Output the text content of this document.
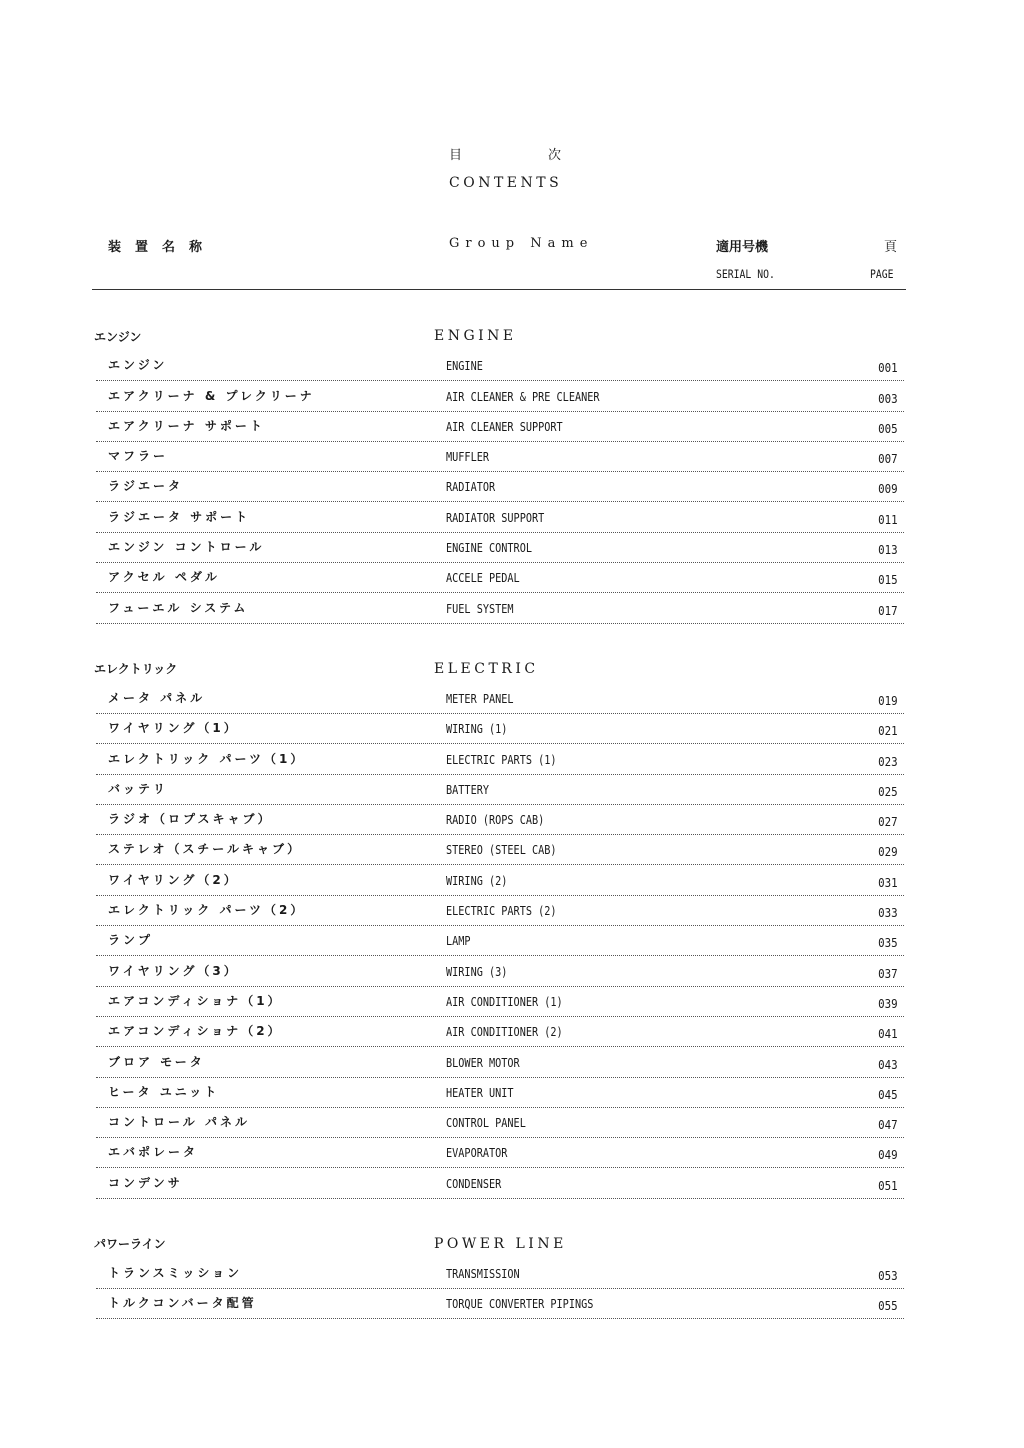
目	次
CONTENTS
装置名称	Group Name	適用号機	頁
SERIAL NO.	PAGE
エンジン	ENGINE
エンジン	ENGINE	001
エアクリーナ & プレクリーナ	AIR CLEANER & PRE CLEANER	003
エアクリーナ サポート	AIR CLEANER SUPPORT	005
マフラー	MUFFLER	007
ラジエータ	RADIATOR	009
ラジエータ サポート	RADIATOR SUPPORT	011
エンジン コントロール	ENGINE CONTROL	013
アクセル ペダル	ACCELE PEDAL	015
フューエル システム	FUEL SYSTEM	017
エレクトリック	ELECTRIC
メータ パネル	METER PANEL	019
ワイヤリング（1）	WIRING (1)	021
エレクトリック パーツ（1）	ELECTRIC PARTS (1)	023
バッテリ	BATTERY	025
ラジオ（ロプスキャブ）	RADIO (ROPS CAB)	027
ステレオ（スチールキャブ）	STEREO (STEEL CAB)	029
ワイヤリング（2）	WIRING (2)	031
エレクトリック パーツ（2）	ELECTRIC PARTS (2)	033
ランプ	LAMP	035
ワイヤリング（3）	WIRING (3)	037
エアコンディショナ（1）	AIR CONDITIONER (1)	039
エアコンディショナ（2）	AIR CONDITIONER (2)	041
ブロア モータ	BLOWER MOTOR	043
ヒータ ユニット	HEATER UNIT	045
コントロール パネル	CONTROL PANEL	047
エバポレータ	EVAPORATOR	049
コンデンサ	CONDENSER	051
パワーライン	POWER LINE
トランスミッション	TRANSMISSION	053
トルクコンバータ配管	TORQUE CONVERTER PIPINGS	055
